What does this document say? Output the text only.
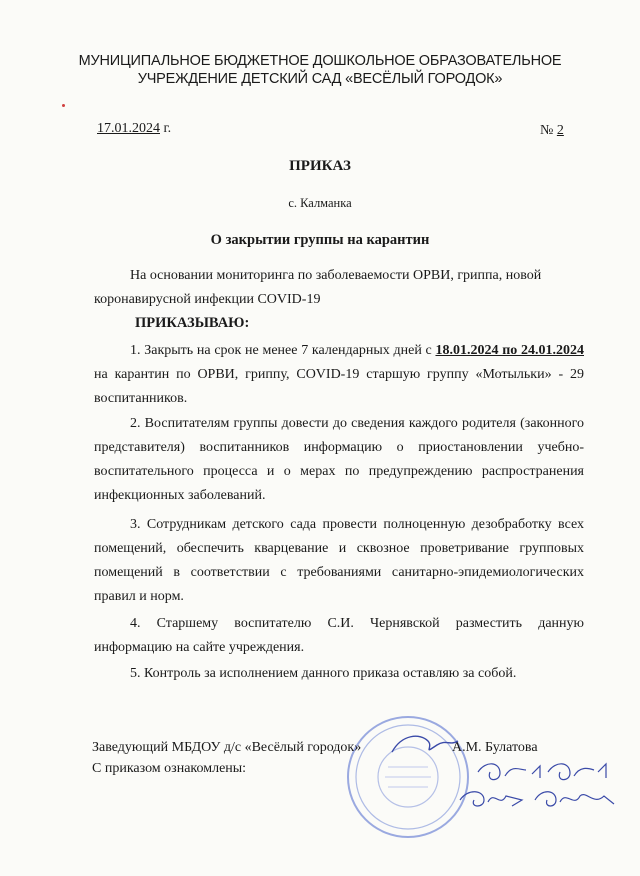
МУНИЦИПАЛЬНОЕ БЮДЖЕТНОЕ ДОШКОЛЬНОЕ ОБРАЗОВАТЕЛЬНОЕ
УЧРЕЖДЕНИЕ ДЕТСКИЙ САД «ВЕСЁЛЫЙ ГОРОДОК»
17.01.2024 г.	№ 2
ПРИКАЗ
с. Калманка
О закрытии группы на карантин
На основании мониторинга по заболеваемости ОРВИ, гриппа, новой коронавирусной инфекции COVID-19
ПРИКАЗЫВАЮ:
1. Закрыть на срок не менее 7 календарных дней с 18.01.2024 по 24.01.2024 на карантин по ОРВИ, гриппу, COVID-19 старшую группу «Мотыльки» - 29 воспитанников.
2. Воспитателям группы довести до сведения каждого родителя (законного представителя) воспитанников информацию о приостановлении учебно-воспитательного процесса и о мерах по предупреждению распространения инфекционных заболеваний.
3. Сотрудникам детского сада провести полноценную дезобработку всех помещений, обеспечить кварцевание и сквозное проветривание групповых помещений в соответствии с требованиями санитарно-эпидемиологических правил и норм.
4. Старшему воспитателю С.И. Чернявской разместить данную информацию на сайте учреждения.
5. Контроль за исполнением данного приказа оставляю за собой.
Заведующий МБДОУ д/с «Весёлый городок»	А.М. Булатова
С приказом ознакомлены:
